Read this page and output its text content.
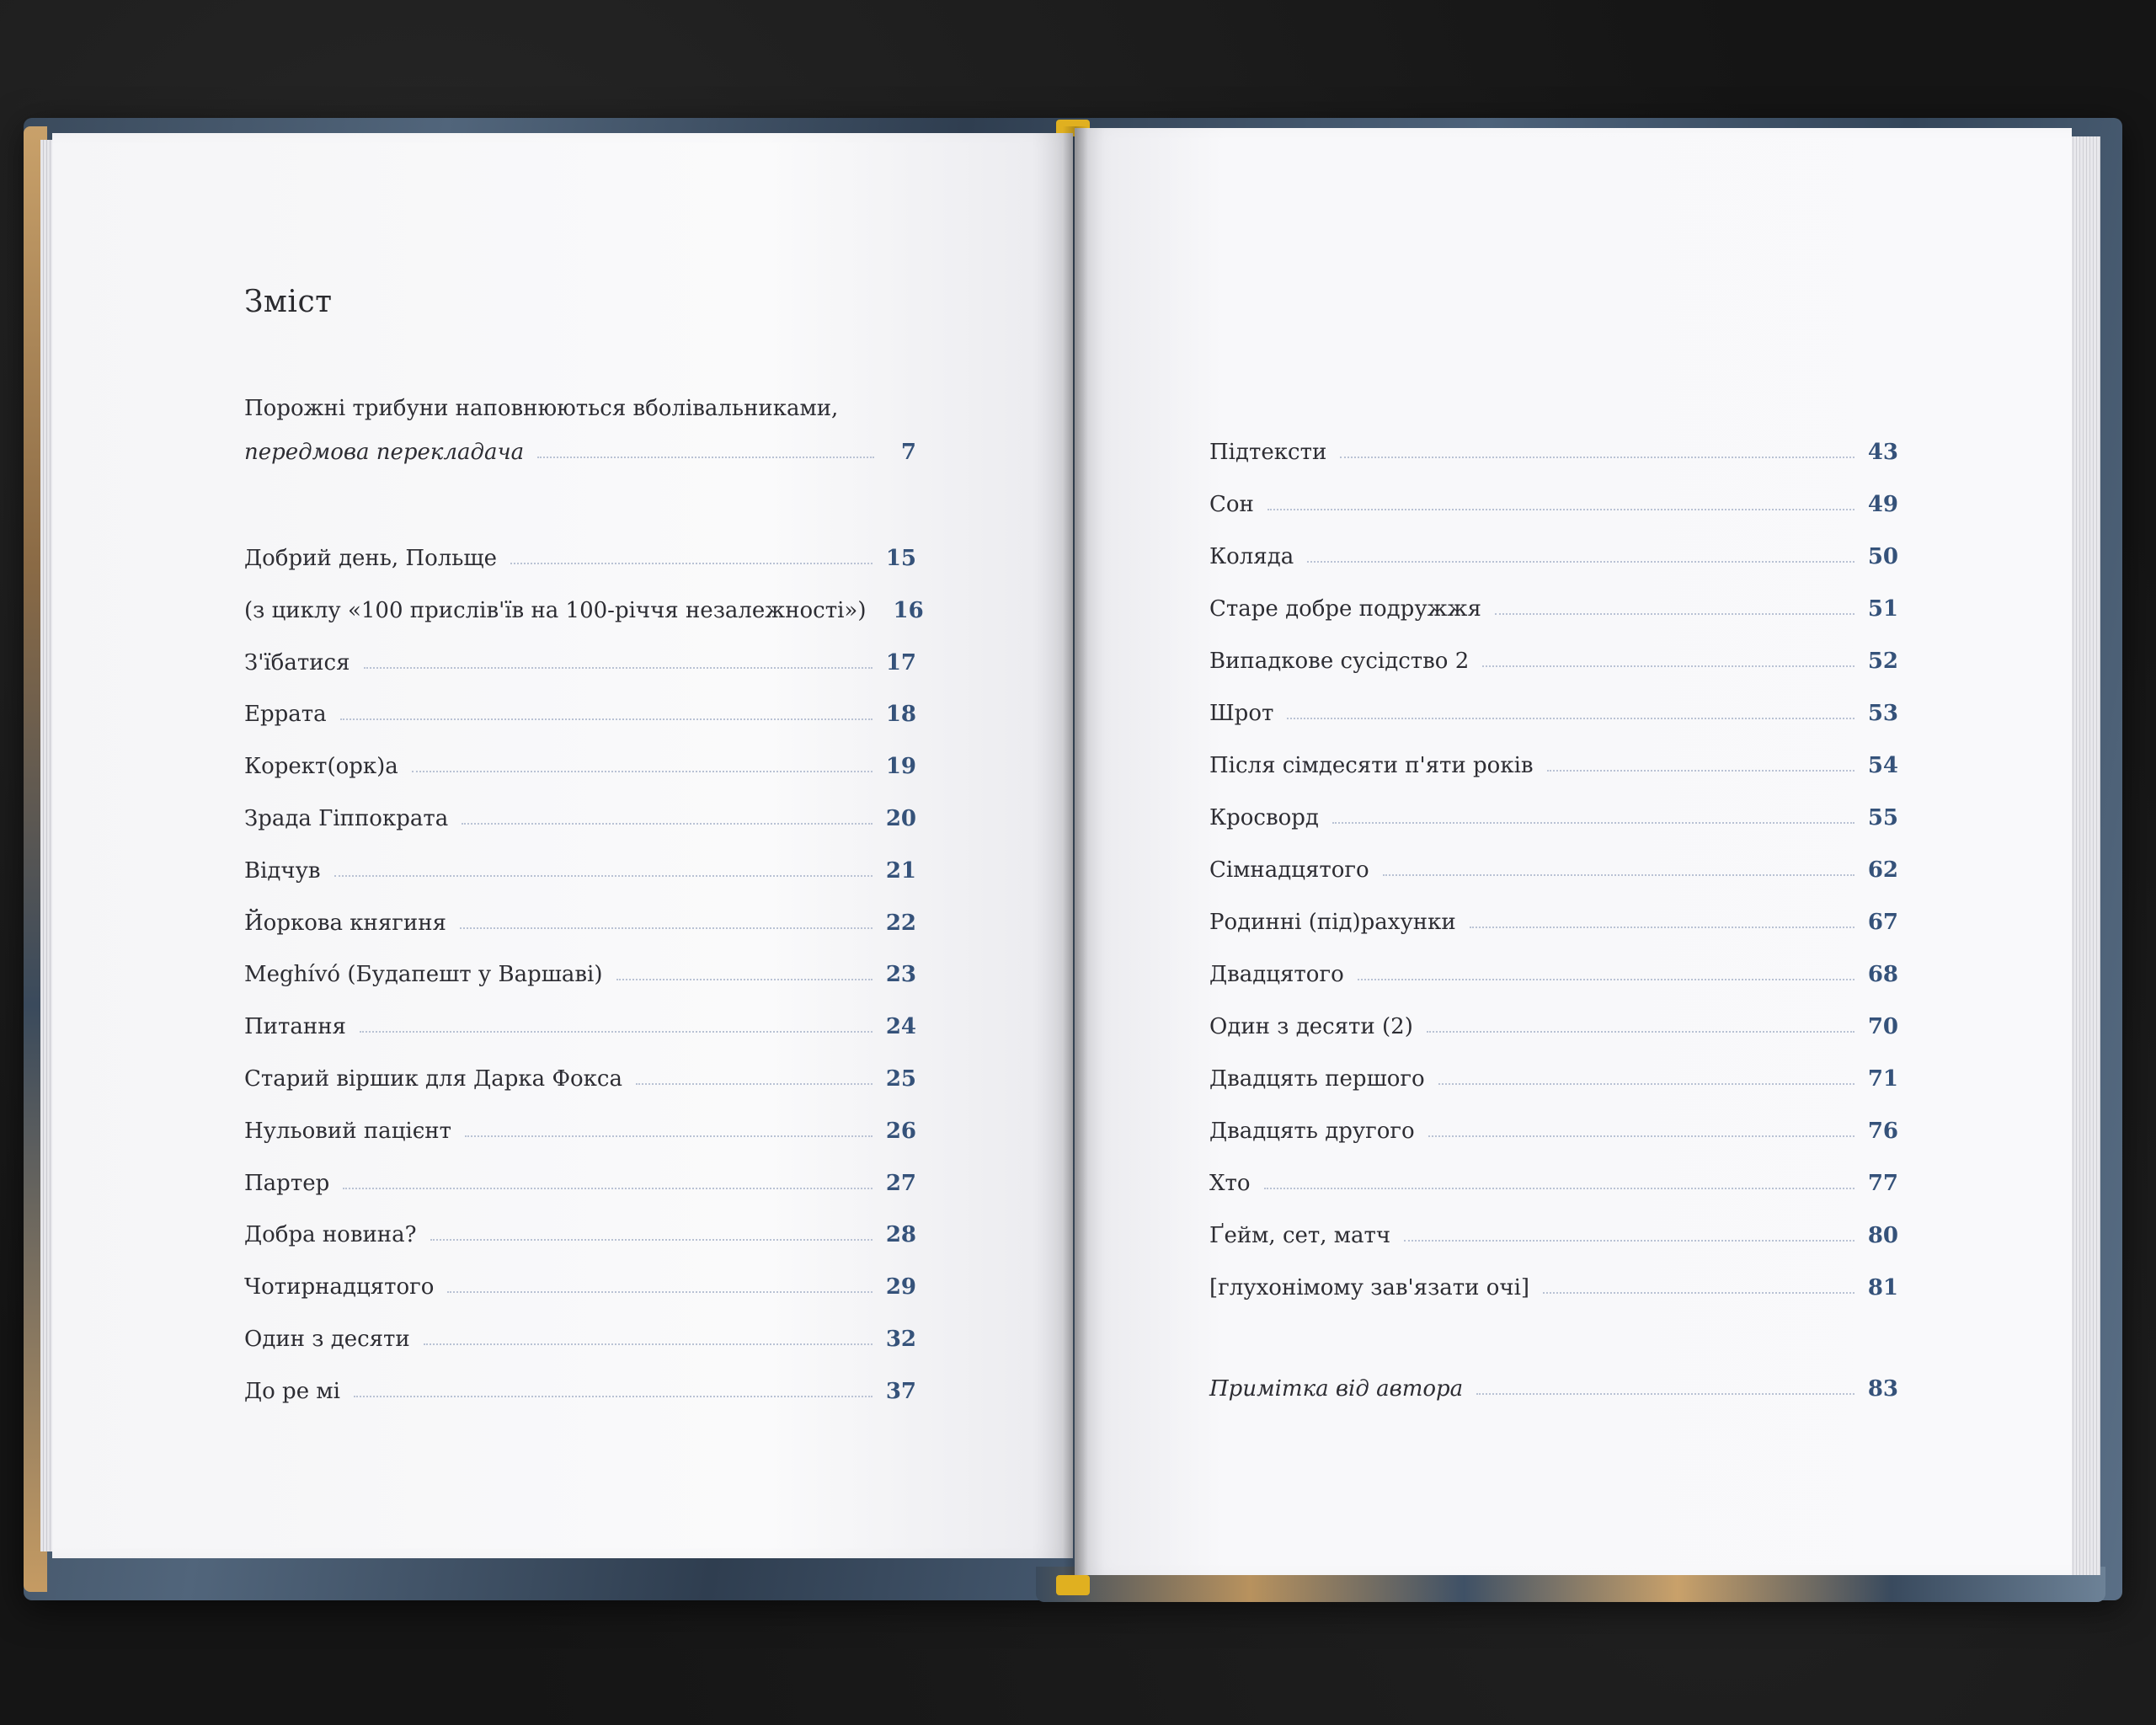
Зміст
Порожні трибуни наповнюються вболівальниками,
передмова перекладача	7
Добрий день, Польще	15
(з циклу «100 прислів'їв на 100-річчя незалежності») 16
З'їбатися	17
Еррата	18
Корект(орк)а	19
Зрада Гіппократа	20
Відчув	21
Йоркова княгиня	22
Meghívó (Будапешт у Варшаві)	23
Питання	24
Старий віршик для Дарка Фокса	25
Нульовий пацієнт	26
Партер	27
Добра новина?	28
Чотирнадцятого	29
Один з десяти	32
До ре мі	37
Підтексти	43
Сон	49
Коляда	50
Старе добре подружжя	51
Випадкове сусідство 2	52
Шрот	53
Після сімдесяти п'яти років	54
Кросворд	55
Сімнадцятого	62
Родинні (під)рахунки	67
Двадцятого	68
Один з десяти (2)	70
Двадцять першого	71
Двадцять другого	76
Хто	77
Ґейм, сет, матч	80
[глухонімому зав'язати очі]	81
Примітка від автора	83
